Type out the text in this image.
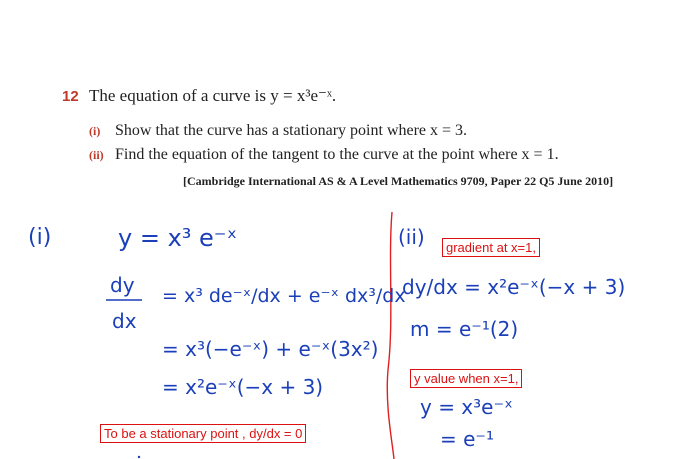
12 The equation of a curve is y = x³e⁻ˣ.
(i) Show that the curve has a stationary point where x = 3.
(ii) Find the equation of the tangent to the curve at the point where x = 1.
[Cambridge International AS & A Level Mathematics 9709, Paper 22 Q5 June 2010]
(i)	y = x³ e⁻ˣ
dy
dx
= x³ de⁻ˣ/dx + e⁻ˣ dx³/dx
= x³(−e⁻ˣ) + e⁻ˣ(3x²)
= x²e⁻ˣ(−x + 3)
(ii)
dy/dx = x²e⁻ˣ(−x + 3)
m = e⁻¹(2)
y = x³e⁻ˣ
= e⁻¹
To be a stationary point , dy/dx = 0
gradient at x=1,
y value when x=1,
